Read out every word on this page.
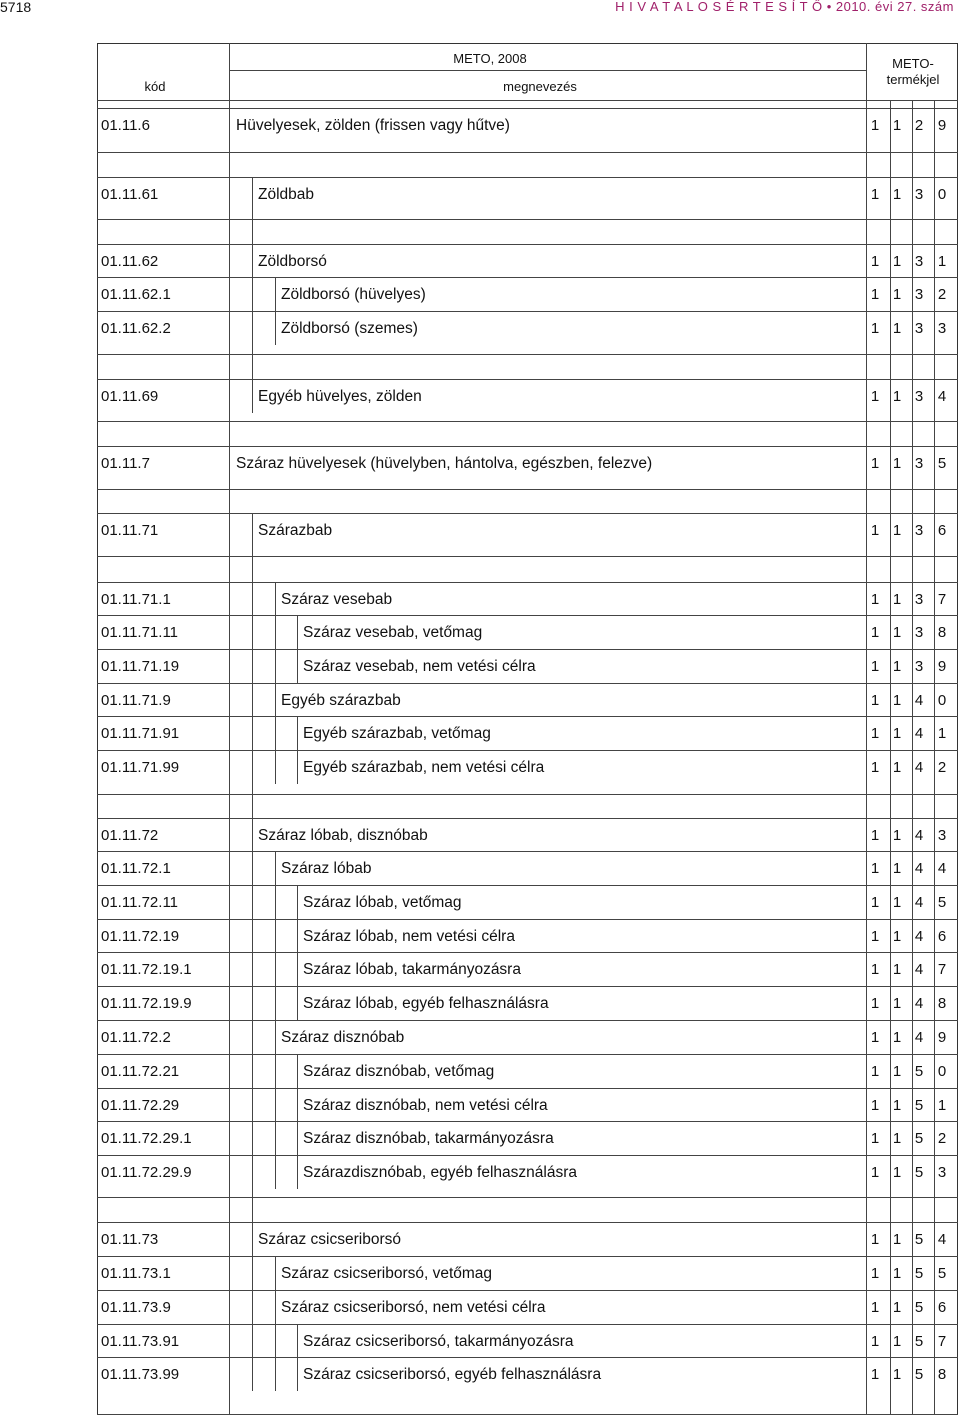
5718	H I V A T A L O S É R T E S Í T Ő • 2010. évi 27. szám
METO, 2008
kód	megnevezés
METO-
termékjel
01.11.6	Hüvelyesek, zölden (frissen vagy hűtve)	1 1 2 9
01.11.61	Zöldbab	1 1 3 0
01.11.62	Zöldborsó	1 1 3 1
01.11.62.1	Zöldborsó (hüvelyes)	1 1 3 2
01.11.62.2	Zöldborsó (szemes)	1 1 3 3
01.11.69	Egyéb hüvelyes, zölden	1 1 3 4
01.11.7	Száraz hüvelyesek (hüvelyben, hántolva, egészben, felezve)	1 1 3 5
01.11.71	Szárazbab	1 1 3 6
01.11.71.1	Száraz vesebab	1 1 3 7
01.11.71.11	Száraz vesebab, vetőmag	1 1 3 8
01.11.71.19	Száraz vesebab, nem vetési célra	1 1 3 9
01.11.71.9	Egyéb szárazbab	1 1 4 0
01.11.71.91	Egyéb szárazbab, vetőmag	1 1 4 1
01.11.71.99	Egyéb szárazbab, nem vetési célra	1 1 4 2
01.11.72	Száraz lóbab, disznóbab	1 1 4 3
01.11.72.1	Száraz lóbab	1 1 4 4
01.11.72.11	Száraz lóbab, vetőmag	1 1 4 5
01.11.72.19	Száraz lóbab, nem vetési célra	1 1 4 6
01.11.72.19.1	Száraz lóbab, takarmányozásra	1 1 4 7
01.11.72.19.9	Száraz lóbab, egyéb felhasználásra	1 1 4 8
01.11.72.2	Száraz disznóbab	1 1 4 9
01.11.72.21	Száraz disznóbab, vetőmag	1 1 5 0
01.11.72.29	Száraz disznóbab, nem vetési célra	1 1 5 1
01.11.72.29.1	Száraz disznóbab, takarmányozásra	1 1 5 2
01.11.72.29.9	Szárazdisznóbab, egyéb felhasználásra	1 1 5 3
01.11.73	Száraz csicseriborsó	1 1 5 4
01.11.73.1	Száraz csicseriborsó, vetőmag	1 1 5 5
01.11.73.9	Száraz csicseriborsó, nem vetési célra	1 1 5 6
01.11.73.91	Száraz csicseriborsó, takarmányozásra	1 1 5 7
01.11.73.99	Száraz csicseriborsó, egyéb felhasználásra	1 1 5 8
